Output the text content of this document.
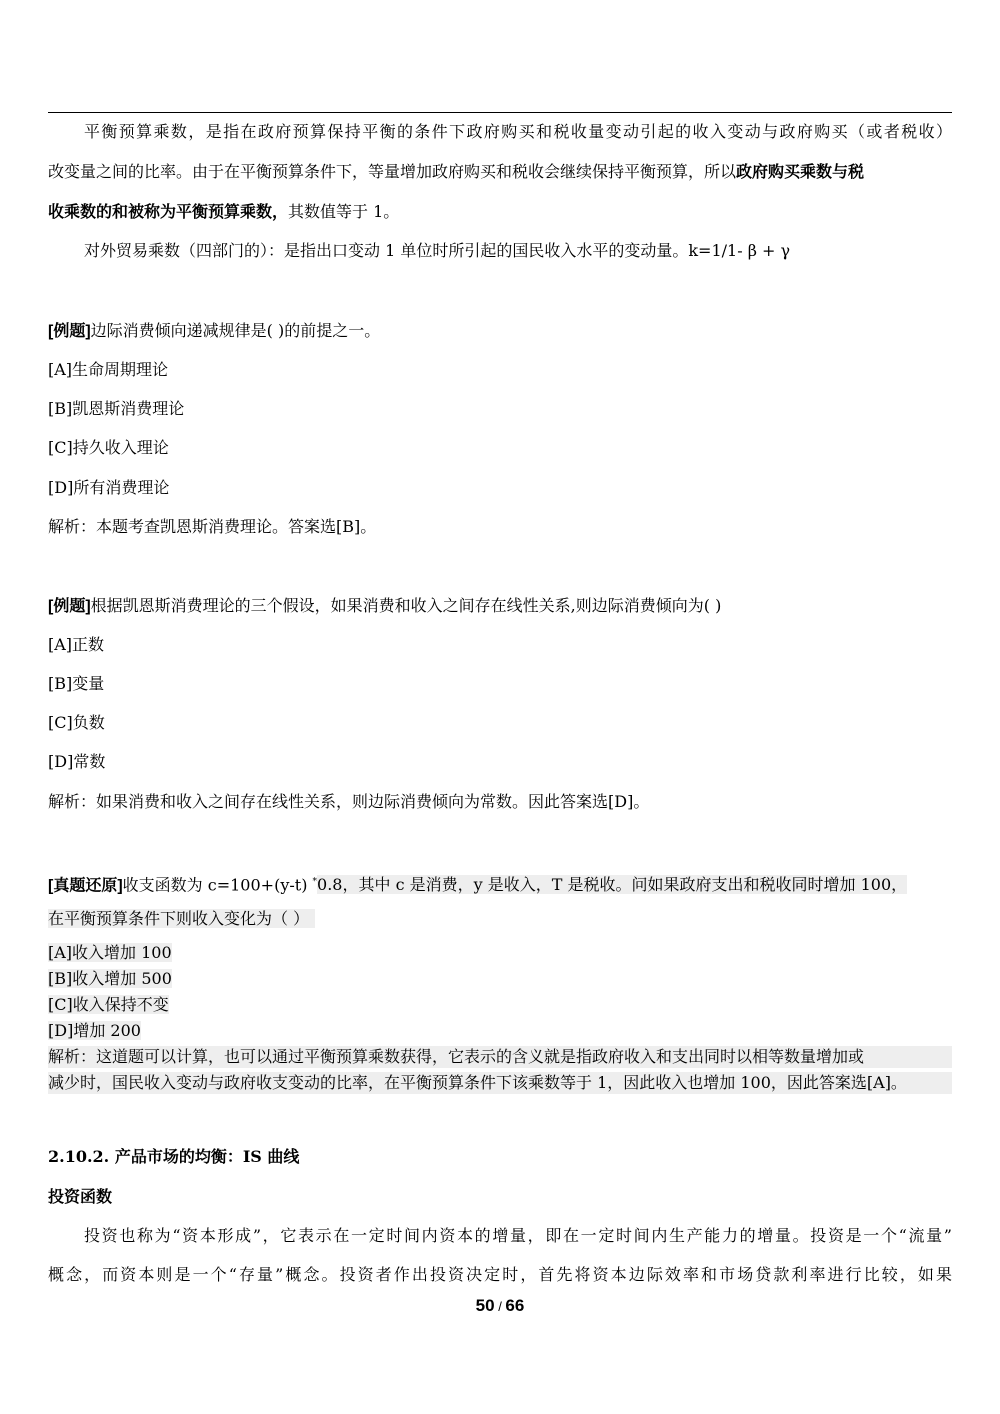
平衡预算乘数，是指在政府预算保持平衡的条件下政府购买和税收量变动引起的收入变动与政府购买（或者税收）
改变量之间的比率。由于在平衡预算条件下，等量增加政府购买和税收会继续保持平衡预算，所以政府购买乘数与税
收乘数的和被称为平衡预算乘数，其数值等于 1。
对外贸易乘数（四部门的）：是指出口变动 1 单位时所引起的国民收入水平的变动量。k=1/1- β + γ
[例题]边际消费倾向递减规律是( )的前提之一。
[A]生命周期理论
[B]凯恩斯消费理论
[C]持久收入理论
[D]所有消费理论
解析：本题考查凯恩斯消费理论。答案选[B]。
[例题]根据凯恩斯消费理论的三个假设，如果消费和收入之间存在线性关系,则边际消费倾向为( )
[A]正数
[B]变量
[C]负数
[D]常数
解析：如果消费和收入之间存在线性关系，则边际消费倾向为常数。因此答案选[D]。
[真题还原]收支函数为 c=100+(y-t) *0.8，其中 c 是消费，y 是收入，T 是税收。问如果政府支出和税收同时增加 100，
在平衡预算条件下则收入变化为（ ）
[A]收入增加 100
[B]收入增加 500
[C]收入保持不变
[D]增加 200
解析：这道题可以计算，也可以通过平衡预算乘数获得，它表示的含义就是指政府收入和支出同时以相等数量增加或
减少时，国民收入变动与政府收支变动的比率，在平衡预算条件下该乘数等于 1，因此收入也增加 100，因此答案选[A]。
2.10.2. 产品市场的均衡：IS 曲线
投资函数
投资也称为“资本形成”，它表示在一定时间内资本的增量，即在一定时间内生产能力的增量。投资是一个“流量”
概念，而资本则是一个“存量”概念。投资者作出投资决定时，首先将资本边际效率和市场贷款利率进行比较，如果
50 / 66
